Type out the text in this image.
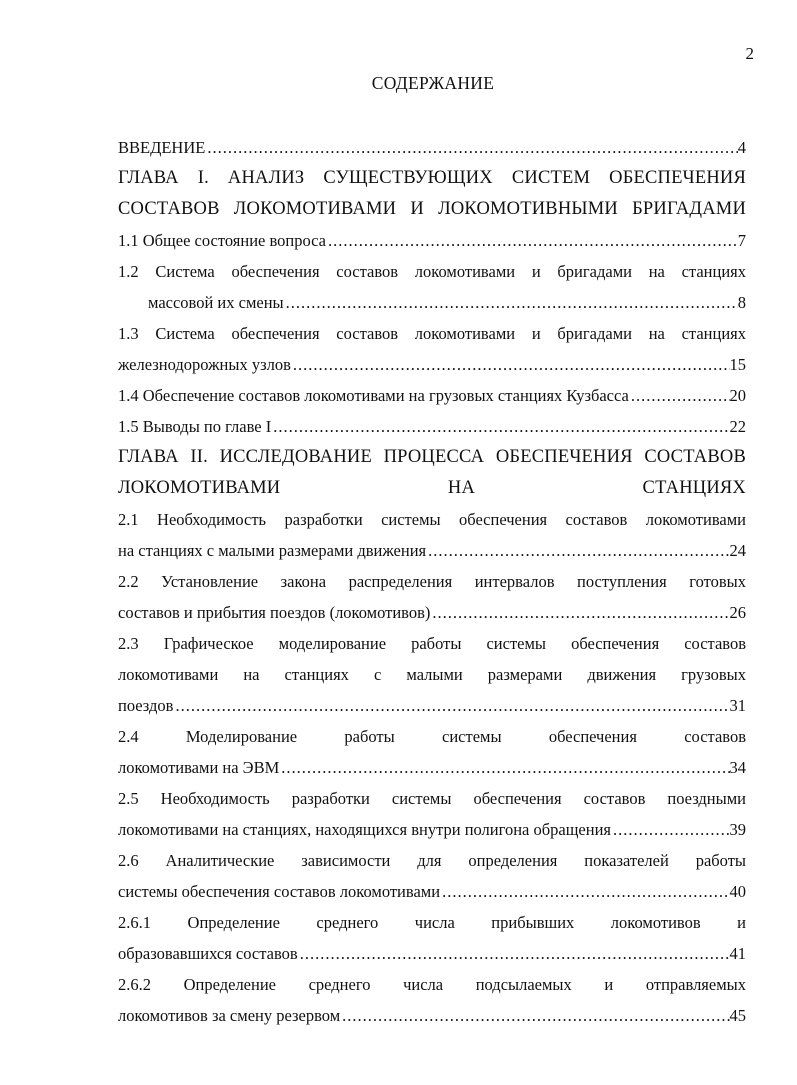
2
СОДЕРЖАНИЕ
ВВЕДЕНИЕ .....	4
ГЛАВА I. АНАЛИЗ СУЩЕСТВУЮЩИХ СИСТЕМ ОБЕСПЕЧЕНИЯ
СОСТАВОВ ЛОКОМОТИВАМИ И ЛОКОМОТИВНЫМИ БРИГАДАМИ
1.1 Общее состояние вопроса .....	7
1.2 Система обеспечения составов локомотивами и бригадами на станциях
массовой их смены .....	8
1.3 Система обеспечения составов локомотивами и бригадами на станциях
железнодорожных узлов .....	15
1.4 Обеспечение составов локомотивами на грузовых станциях Кузбасса .....	20
1.5 Выводы по главе I .....	22
ГЛАВА II. ИССЛЕДОВАНИЕ ПРОЦЕССА ОБЕСПЕЧЕНИЯ СОСТАВОВ
ЛОКОМОТИВАМИ НА СТАНЦИЯХ
2.1 Необходимость разработки системы обеспечения составов локомотивами
на станциях с малыми размерами движения .....	24
2.2 Установление закона распределения интервалов поступления готовых
составов и прибытия поездов (локомотивов) .....	26
2.3 Графическое моделирование работы системы обеспечения составов
локомотивами на станциях с малыми размерами движения грузовых
поездов .....	31
2.4 Моделирование работы системы обеспечения составов
локомотивами на ЭВМ .....	34
2.5 Необходимость разработки системы обеспечения составов поездными
локомотивами на станциях, находящихся внутри полигона обращения .....	39
2.6 Аналитические зависимости для определения показателей работы
системы обеспечения составов локомотивами .....	40
2.6.1 Определение среднего числа прибывших локомотивов и
образовавшихся составов .....	41
2.6.2 Определение среднего числа подсылаемых и отправляемых
локомотивов за смену резервом .....	45
